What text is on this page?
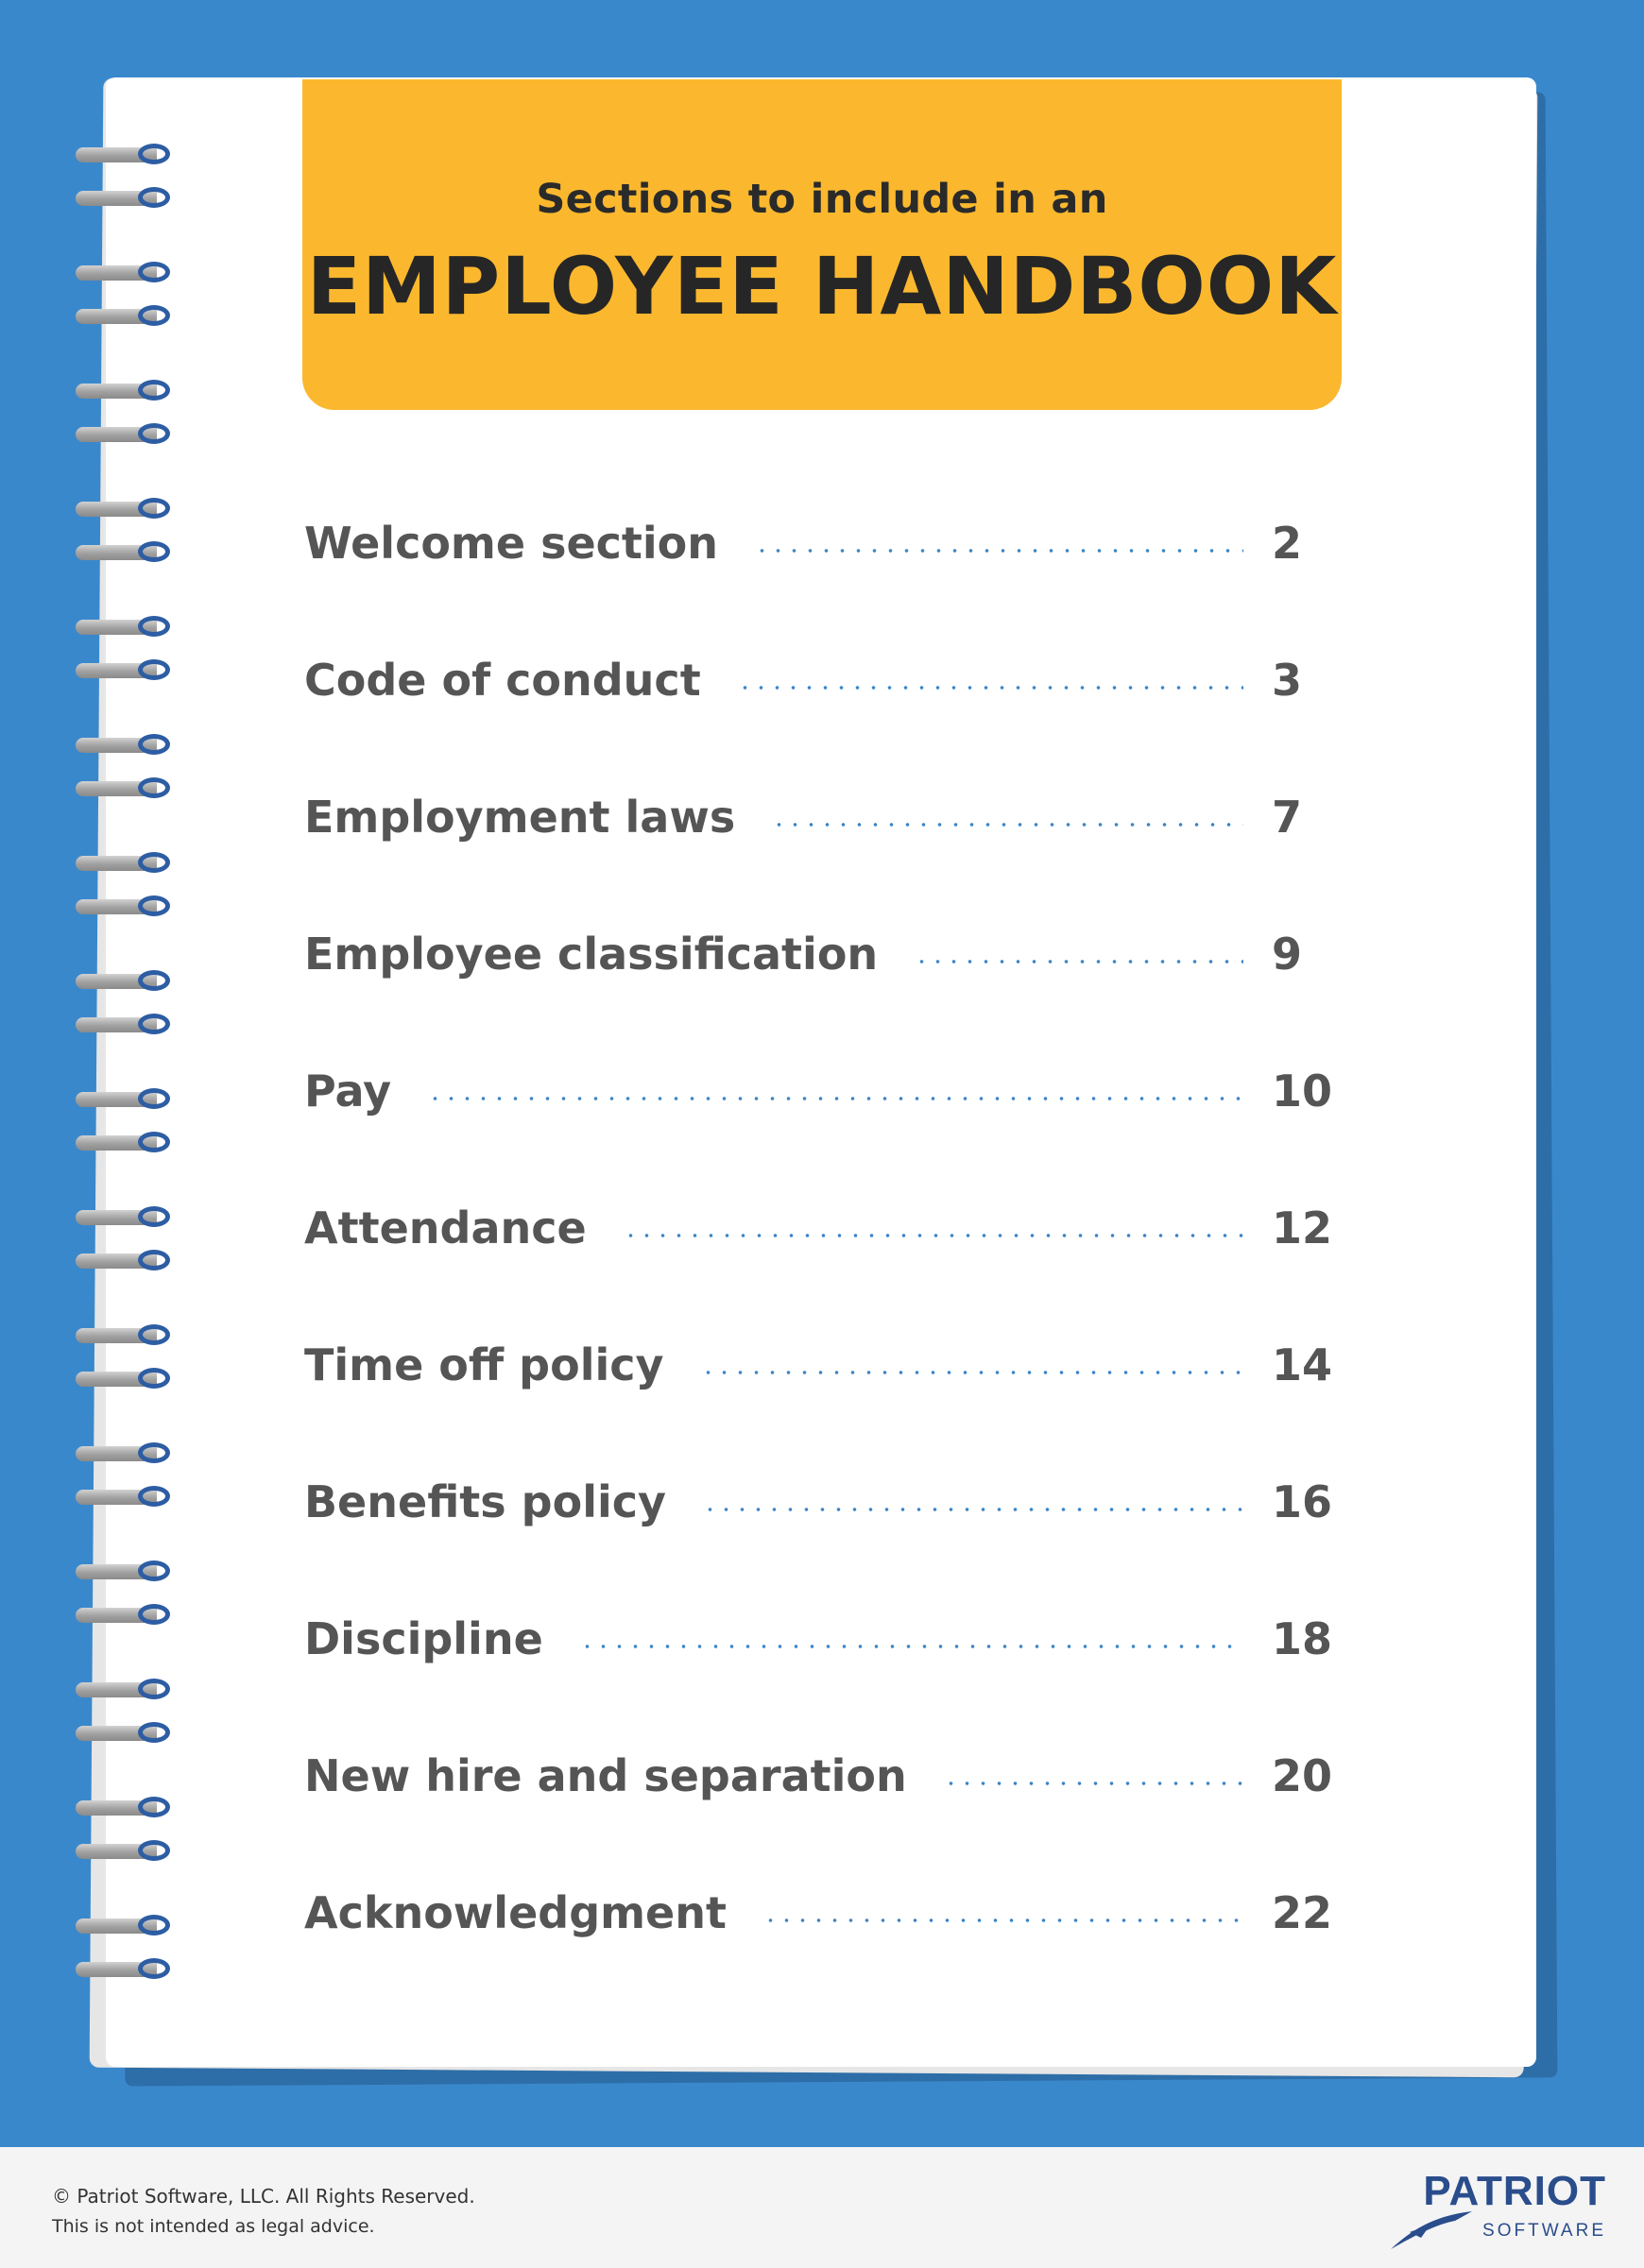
Sections to include in an
EMPLOYEE HANDBOOK
Welcome section	2
Code of conduct	3
Employment laws	7
Employee classification	9
Pay	10
Attendance	12
Time off policy	14
Benefits policy	16
Discipline	18
New hire and separation	20
Acknowledgment	22
© Patriot Software, LLC. All Rights Reserved.
This is not intended as legal advice.
PATRIOT
SOFTWARE
